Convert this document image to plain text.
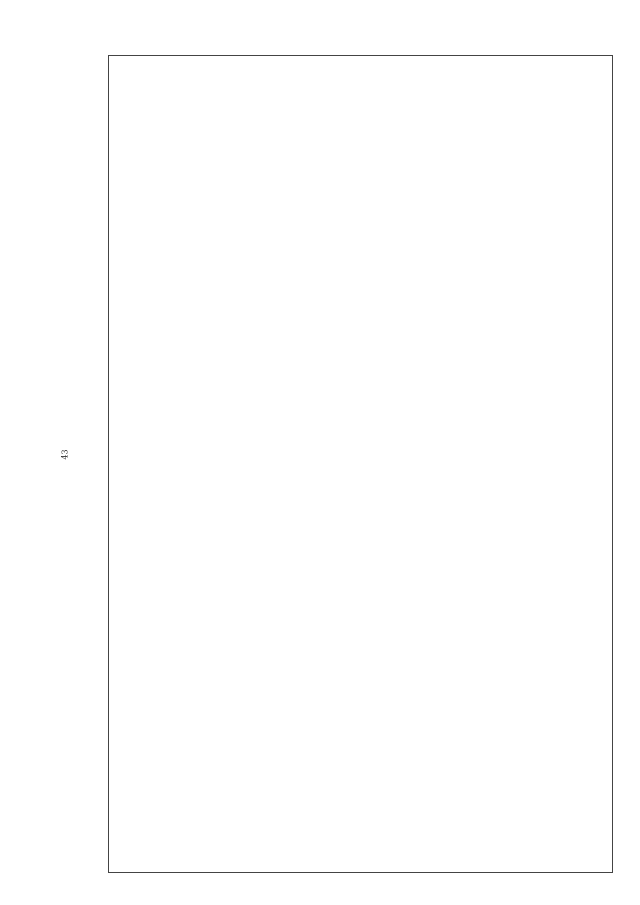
43
